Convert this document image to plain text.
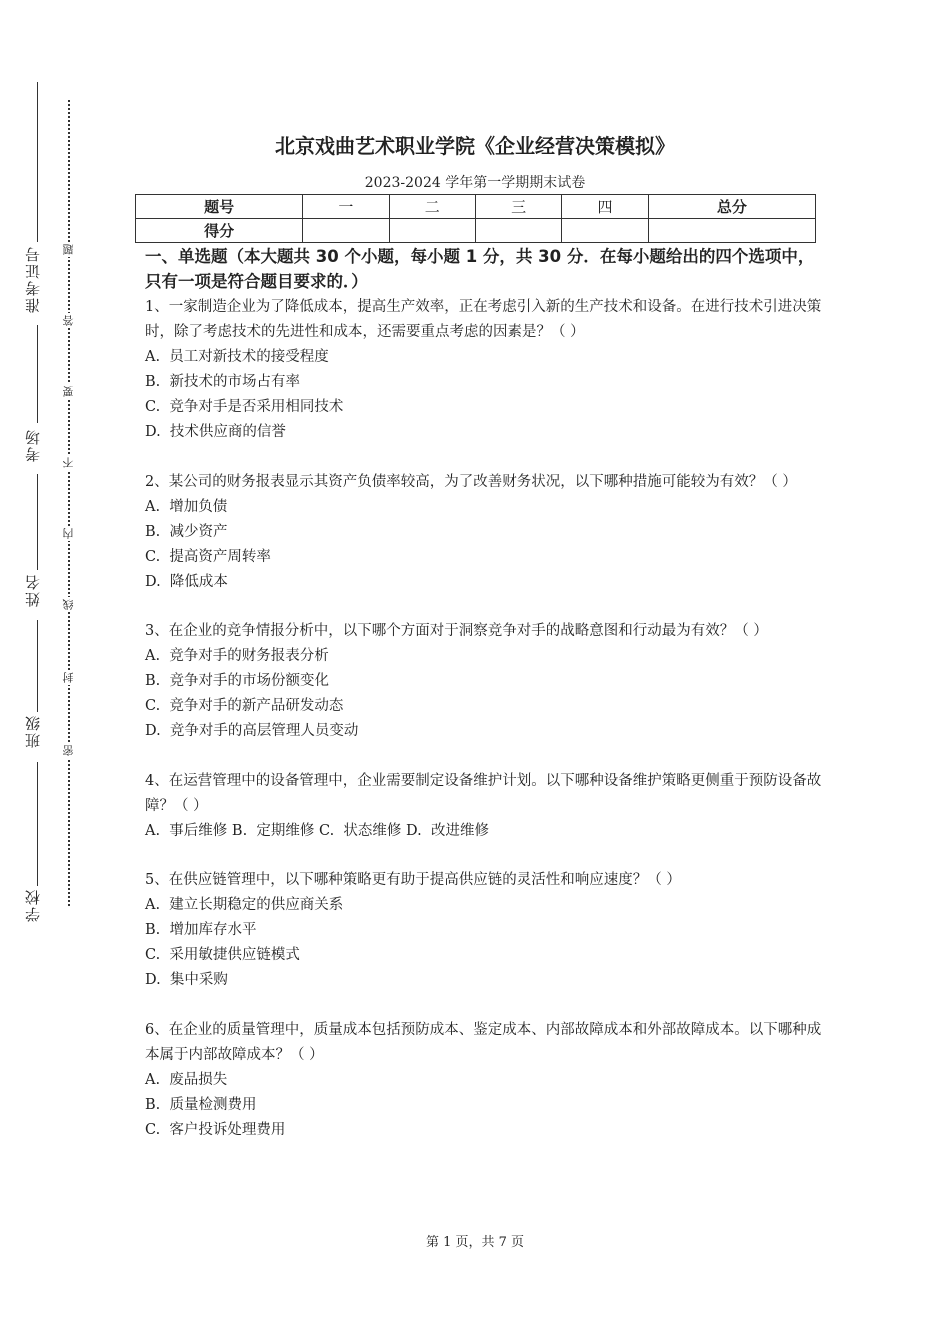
准考证号
考场
姓名
班级
学校
题
答
要
不
内
线
封
密
北京戏曲艺术职业学院《企业经营决策模拟》
2023-2024 学年第一学期期末试卷
题号	一	二	三	四	总分
得分					
一、单选题（本大题共 30 个小题，每小题 1 分，共 30 分．在每小题给出的四个选项中，只有一项是符合题目要求的．）

1、一家制造企业为了降低成本，提高生产效率，正在考虑引入新的生产技术和设备。在进行技术引进决策时，除了考虑技术的先进性和成本，还需要重点考虑的因素是？（ ）

A.  员工对新技术的接受程度
B.  新技术的市场占有率
C.  竞争对手是否采用相同技术
D.  技术供应商的信誉

2、某公司的财务报表显示其资产负债率较高，为了改善财务状况，以下哪种措施可能较为有效？（ ）

A.  增加负债
B.  减少资产
C.  提高资产周转率
D.  降低成本

3、在企业的竞争情报分析中，以下哪个方面对于洞察竞争对手的战略意图和行动最为有效？（ ）

A.  竞争对手的财务报表分析
B.  竞争对手的市场份额变化
C.  竞争对手的新产品研发动态
D.  竞争对手的高层管理人员变动

4、在运营管理中的设备管理中，企业需要制定设备维护计划。以下哪种设备维护策略更侧重于预防设备故障？（ ）

A.  事后维修 B.  定期维修 C.  状态维修 D.  改进维修

5、在供应链管理中，以下哪种策略更有助于提高供应链的灵活性和响应速度？（ ）

A.  建立长期稳定的供应商关系
B.  增加库存水平
C.  采用敏捷供应链模式
D.  集中采购

6、在企业的质量管理中，质量成本包括预防成本、鉴定成本、内部故障成本和外部故障成本。以下哪种成本属于内部故障成本？（ ）

A.  废品损失
B.  质量检测费用
C.  客户投诉处理费用
第 1 页，共 7 页
